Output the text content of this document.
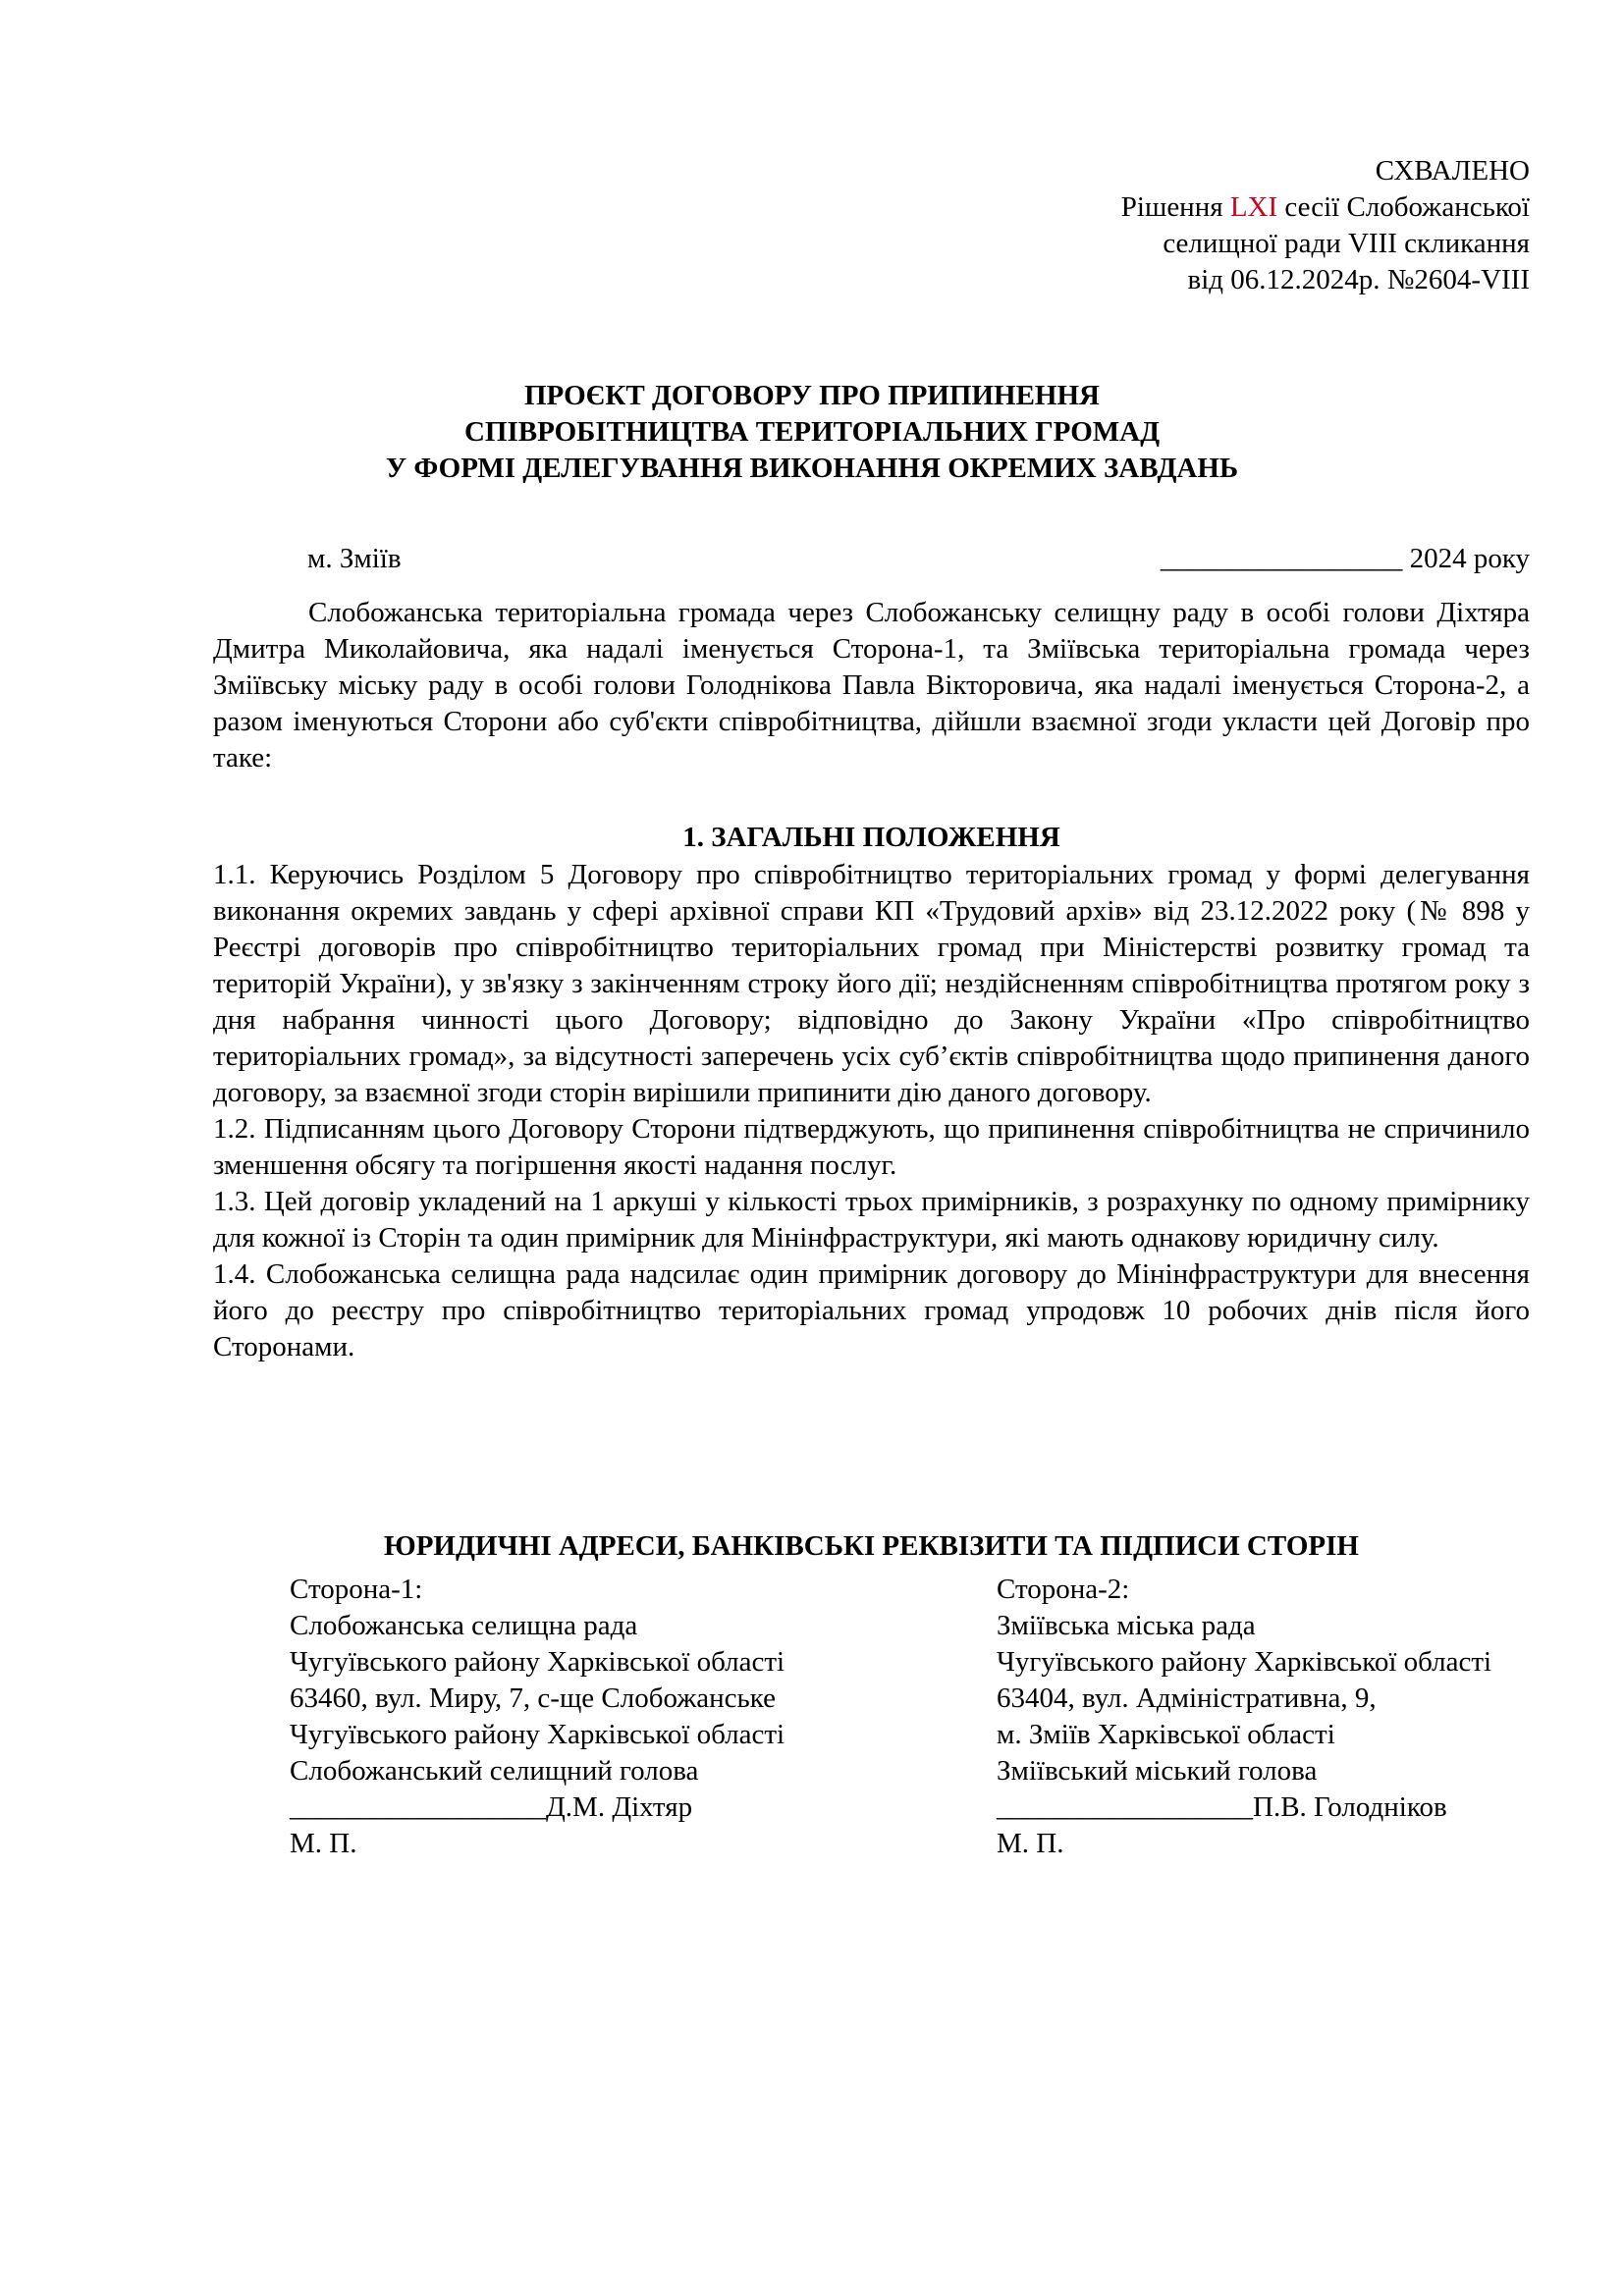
СХВАЛЕНО
Рішення LXI сесії Слобожанської
селищної ради VIII скликання
від 06.12.2024р. №2604-VIII
ПРОЄКТ ДОГОВОРУ ПРО ПРИПИНЕННЯ
СПІВРОБІТНИЦТВА ТЕРИТОРІАЛЬНИХ ГРОМАД
У ФОРМІ ДЕЛЕГУВАННЯ ВИКОНАННЯ ОКРЕМИХ ЗАВДАНЬ
м. Зміїв	_________________ 2024 року
Слобожанська територіальна громада через Слобожанську селищну раду в особі голови Діхтяра Дмитра Миколайовича, яка надалі іменується Сторона-1, та Зміївська територіальна громада через Зміївську міську раду в особі голови Голоднікова Павла Вікторовича, яка надалі іменується Сторона-2, а разом іменуються Сторони або суб'єкти співробітництва, дійшли взаємної згоди укласти цей Договір про таке:
1. ЗАГАЛЬНІ ПОЛОЖЕННЯ

1.1. Керуючись Розділом 5 Договору про співробітництво територіальних громад у формі делегування виконання окремих завдань у сфері архівної справи КП «Трудовий архів» від 23.12.2022 року (№ 898 у Реєстрі договорів про співробітництво територіальних громад при Міністерстві розвитку громад та територій України), у зв'язку з закінченням строку його дії; нездійсненням співробітництва протягом року з дня набрання чинності цього Договору; відповідно до Закону України «Про співробітництво територіальних громад», за відсутності заперечень усіх суб’єктів співробітництва щодо припинення даного договору, за взаємної згоди сторін вирішили припинити дію даного договору.

1.2. Підписанням цього Договору Сторони підтверджують, що припинення співробітництва не спричинило зменшення обсягу та погіршення якості надання послуг.

1.3. Цей договір укладений на 1 аркуші у кількості трьох примірників, з розрахунку по одному примірнику для кожної із Сторін та один примірник для Мінінфраструктури, які мають однакову юридичну силу.

1.4. Слобожанська селищна рада надсилає один примірник договору до Мінінфраструктури для внесення його до реєстру про співробітництво територіальних громад упродовж 10 робочих днів після його Сторонами.

ЮРИДИЧНІ АДРЕСИ, БАНКІВСЬКІ РЕКВІЗИТИ ТА ПІДПИСИ СТОРІН
Сторона-1:
Слобожанська селищна рада
Чугуївського району Харківської області
63460, вул. Миру, 7, с-ще Слобожанське
Чугуївського району Харківської області
Слобожанський селищний голова
__________________Д.М. Діхтяр
М. П.
Сторона-2:
Зміївська міська рада
Чугуївського району Харківської області
63404, вул. Адміністративна, 9,
м. Зміїв Харківської області
Зміївський міський голова
__________________П.В. Голодніков
М. П.
